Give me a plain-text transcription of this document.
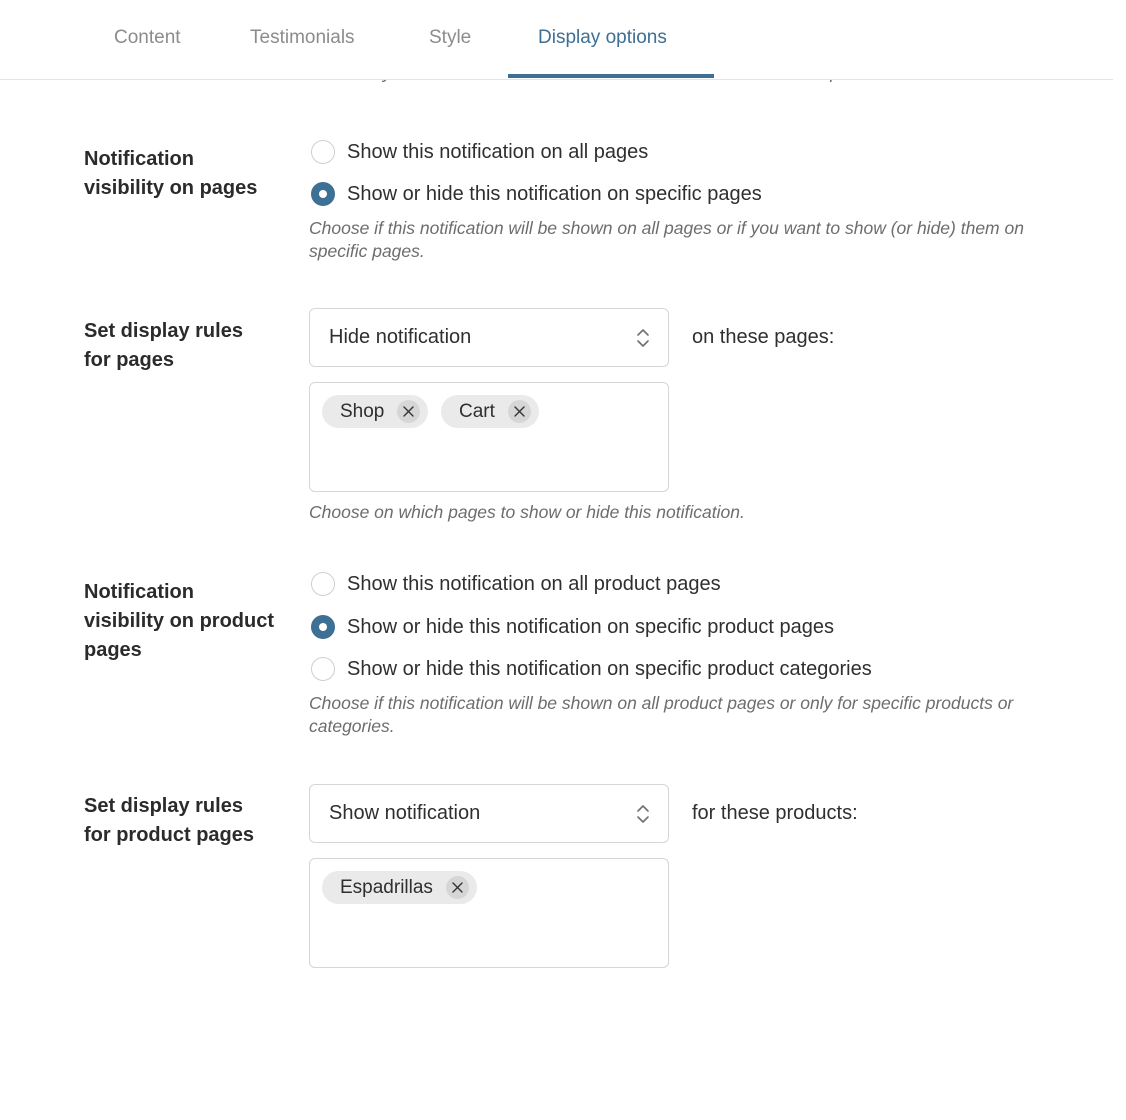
Content	Testimonials	Style	Display options
Notification visibility on pages
Show this notification on all pages
Show or hide this notification on specific pages
Choose if this notification will be shown on all pages or if you want to show (or hide) them on specific pages.
Set display rules for pages
Hide notification	on these pages:
Shop	Cart
Choose on which pages to show or hide this notification.
Notification visibility on product pages
Show this notification on all product pages
Show or hide this notification on specific product pages
Show or hide this notification on specific product categories
Choose if this notification will be shown on all product pages or only for specific products or categories.
Set display rules for product pages
Show notification	for these products:
Espadrillas
